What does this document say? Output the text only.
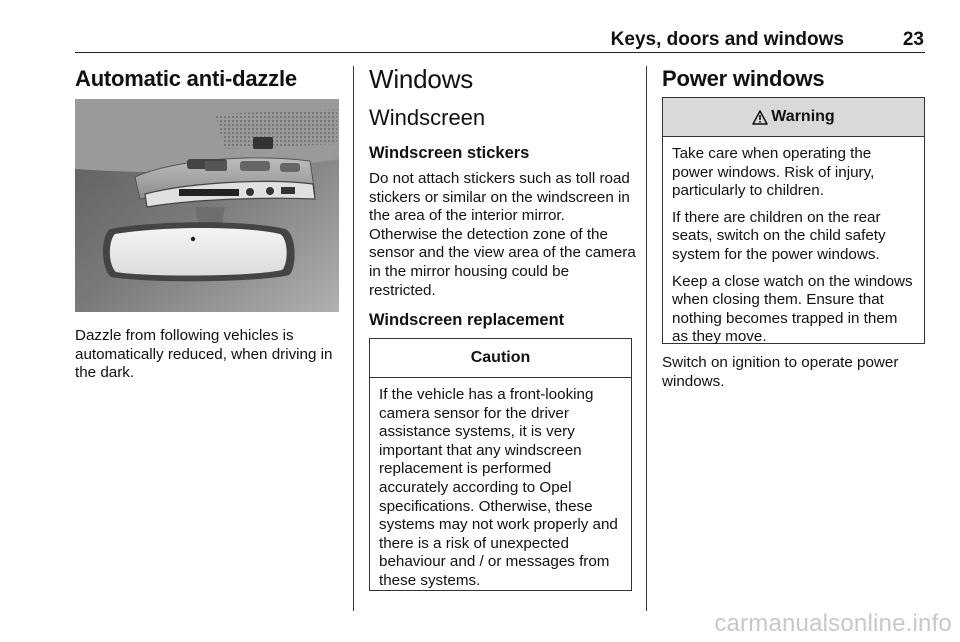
Keys, doors and windows	23
Automatic anti-dazzle
Dazzle from following vehicles is automatically reduced, when driving in the dark.
Windows
Windscreen
Windscreen stickers
Do not attach stickers such as toll road stickers or similar on the windscreen in the area of the interior mirror. Otherwise the detection zone of the sensor and the view area of the camera in the mirror housing could be restricted.
Windscreen replacement
Caution

If the vehicle has a front-looking camera sensor for the driver assistance systems, it is very important that any windscreen replacement is performed accurately according to Opel specifications. Otherwise, these systems may not work properly and there is a risk of unexpected behaviour and / or messages from these systems.

Power windows
Warning

Take care when operating the power windows. Risk of injury, particularly to children.

If there are children on the rear seats, switch on the child safety system for the power windows.

Keep a close watch on the windows when closing them. Ensure that nothing becomes trapped in them as they move.

Switch on ignition to operate power windows.
carmanualsonline.info
